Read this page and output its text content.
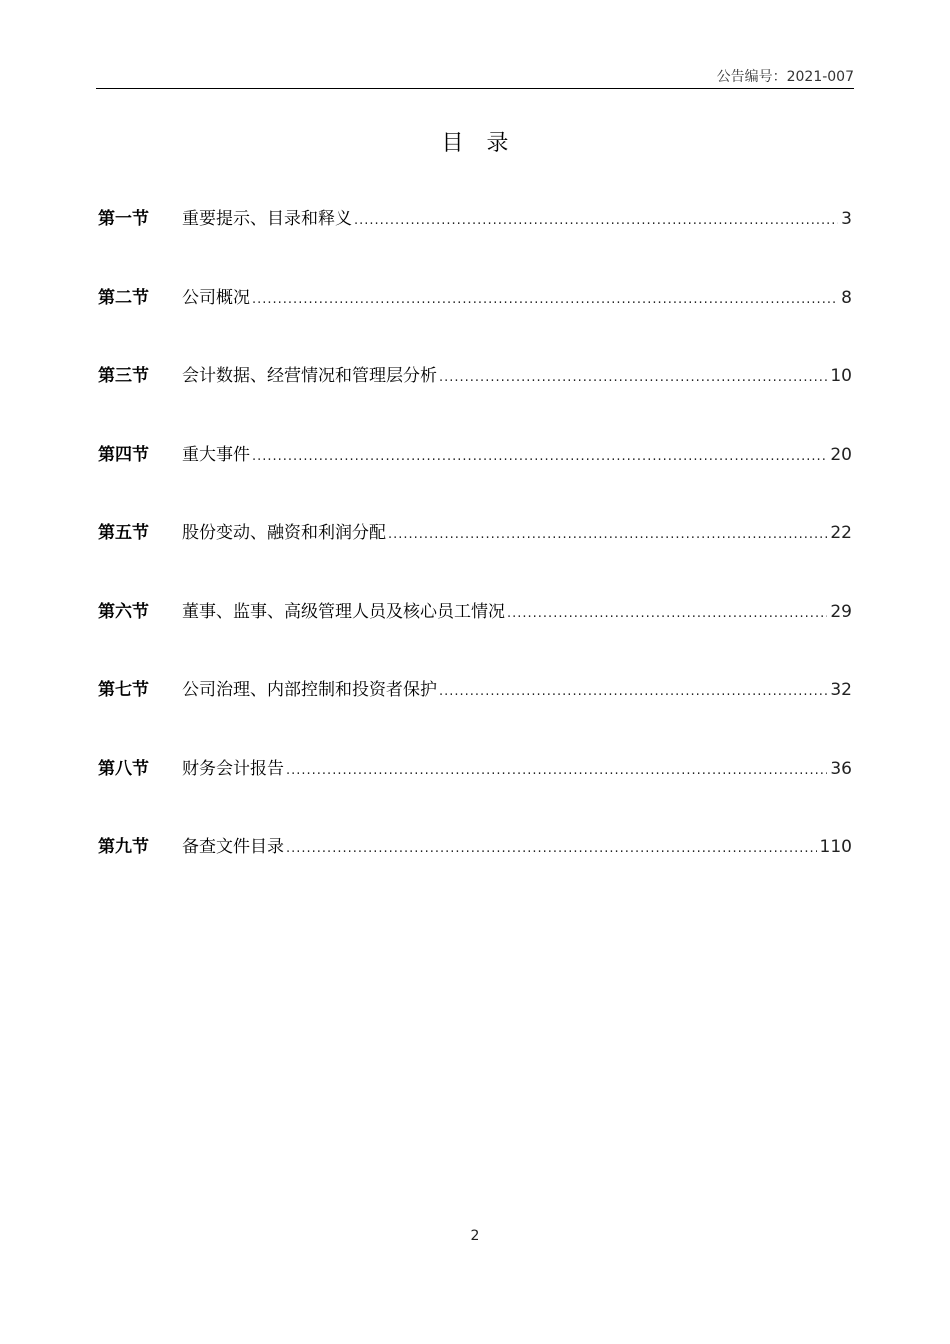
公告编号：2021-007
目 录
第一节	重要提示、目录和释义 .....	3
第二节	公司概况 .....	8
第三节	会计数据、经营情况和管理层分析 .....	10
第四节	重大事件 .....	20
第五节	股份变动、融资和利润分配 .....	22
第六节	董事、监事、高级管理人员及核心员工情况 .....	29
第七节	公司治理、内部控制和投资者保护 .....	32
第八节	财务会计报告 .....	36
第九节	备查文件目录 .....	110
2
